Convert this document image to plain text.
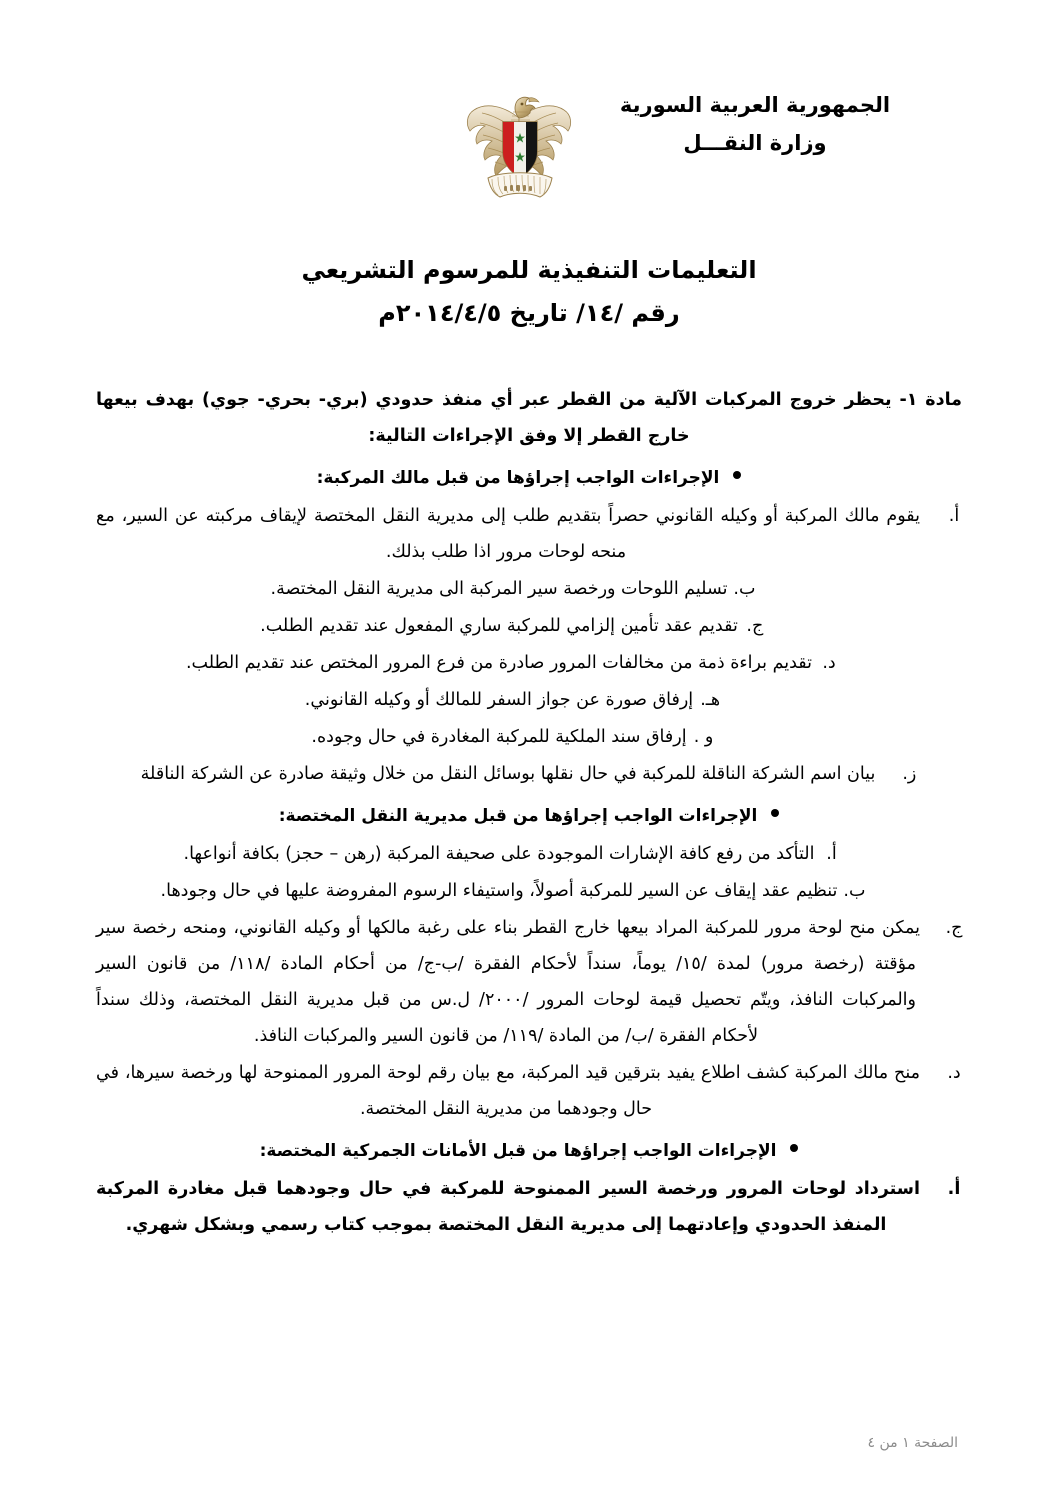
الجمهورية العربية السورية
وزارة النقـــل
التعليمات التنفيذية للمرسوم التشريعي
رقم /١٤/ تاريخ ٢٠١٤/٤/٥م

مادة ١- يحظر خروج المركبات الآلية من القطر عبر أي منفذ حدودي (بري- بحري- جوي) بهدف بيعها خارج القطر إلا وفق الإجراءات التالية:

الإجراءات الواجب إجراؤها من قبل مالك المركبة:

أ.يقوم مالك المركبة أو وكيله القانوني حصراً بتقديم طلب إلى مديرية النقل المختصة لإيقاف مركبته عن السير، مع منحه لوحات مرور اذا طلب بذلك.

ب.تسليم اللوحات ورخصة سير المركبة الى مديرية النقل المختصة.

ج.تقديم عقد تأمين إلزامي للمركبة ساري المفعول عند تقديم الطلب.

د.تقديم براءة ذمة من مخالفات المرور صادرة من فرع المرور المختص عند تقديم الطلب.

هـ.إرفاق صورة عن جواز السفر للمالك أو وكيله القانوني.

و .إرفاق سند الملكية للمركبة المغادرة في حال وجوده.

ز.بيان اسم الشركة الناقلة للمركبة في حال نقلها بوسائل النقل من خلال وثيقة صادرة عن الشركة الناقلة

الإجراءات الواجب إجراؤها من قبل مديرية النقل المختصة:

أ.التأكد من رفع كافة الإشارات الموجودة على صحيفة المركبة (رهن – حجز) بكافة أنواعها.

ب.تنظيم عقد إيقاف عن السير للمركبة أصولاً، واستيفاء الرسوم المفروضة عليها في حال وجودها.

ج.يمكن منح لوحة مرور للمركبة المراد بيعها خارج القطر بناء على رغبة مالكها أو وكيله القانوني، ومنحه رخصة سير مؤقتة (رخصة مرور) لمدة /١٥/ يوماً، سنداً لأحكام الفقرة /ب-ج/ من أحكام المادة /١١٨/ من قانون السير والمركبات النافذ، ويتّم تحصيل قيمة لوحات المرور /٢٠٠٠/ ل.س من قبل مديرية النقل المختصة، وذلك سنداً لأحكام الفقرة /ب/ من المادة /١١٩/ من قانون السير والمركبات النافذ.

د.منح مالك المركبة كشف اطلاع يفيد بترقين قيد المركبة، مع بيان رقم لوحة المرور الممنوحة لها ورخصة سيرها، في حال وجودهما من مديرية النقل المختصة.

الإجراءات الواجب إجراؤها من قبل الأمانات الجمركية المختصة:

أ.استرداد لوحات المرور ورخصة السير الممنوحة للمركبة في حال وجودهما قبل مغادرة المركبة المنفذ الحدودي وإعادتهما إلى مديرية النقل المختصة بموجب كتاب رسمي وبشكل شهري.

الصفحة ١ من ٤
